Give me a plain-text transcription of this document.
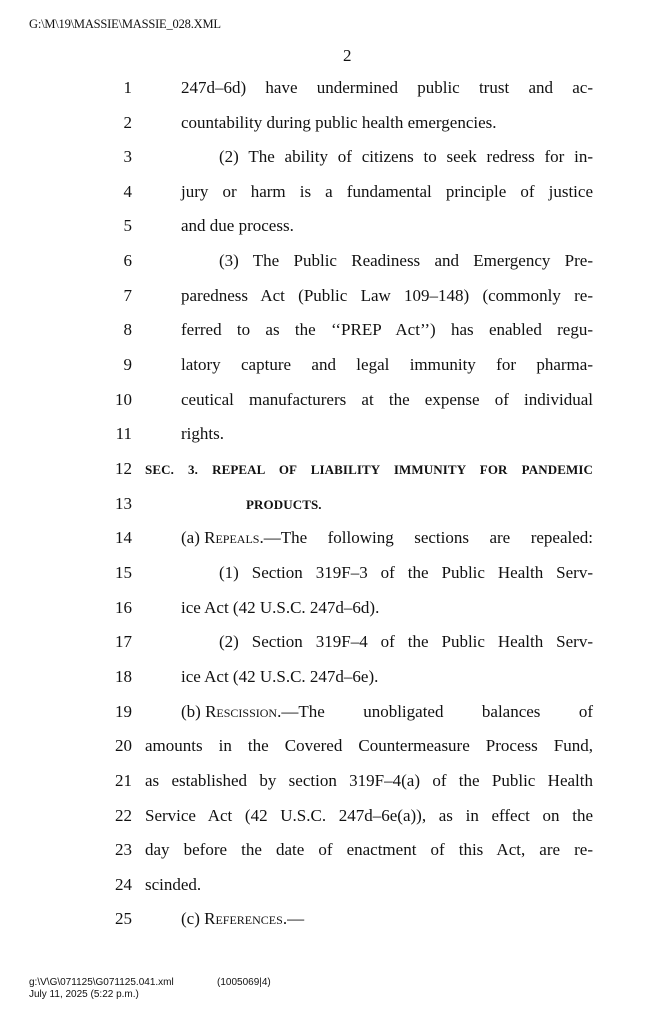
G:\M\19\MASSIE\MASSIE_028.XML
2
1	247d–6d) have undermined public trust and ac-
2	countability during public health emergencies.
3	(2) The ability of citizens to seek redress for in-
4	jury or harm is a fundamental principle of justice
5	and due process.
6	(3) The Public Readiness and Emergency Pre-
7	paredness Act (Public Law 109–148) (commonly re-
8	ferred to as the ‘‘PREP Act’’) has enabled regu-
9	latory capture and legal immunity for pharma-
10	ceutical manufacturers at the expense of individual
11	rights.
12 SEC. 3. REPEAL OF LIABILITY IMMUNITY FOR PANDEMIC
13	PRODUCTS.
14	(a) Repeals .—The following sections are repealed:
15	(1) Section 319F–3 of the Public Health Serv-
16	ice Act (42 U.S.C. 247d–6d).
17	(2) Section 319F–4 of the Public Health Serv-
18	ice Act (42 U.S.C. 247d–6e).
19	(b) Rescission .—The unobligated balances of
20 amounts in the Covered Countermeasure Process Fund,
21 as established by section 319F–4(a) of the Public Health
22 Service Act (42 U.S.C. 247d–6e(a)), as in effect on the
23 day before the date of enactment of this Act, are re-
24 scinded.
25	(c) References.—
g:\V\G\071125\G071125.041.xml	(1005069|4)
July 11, 2025 (5:22 p.m.)
